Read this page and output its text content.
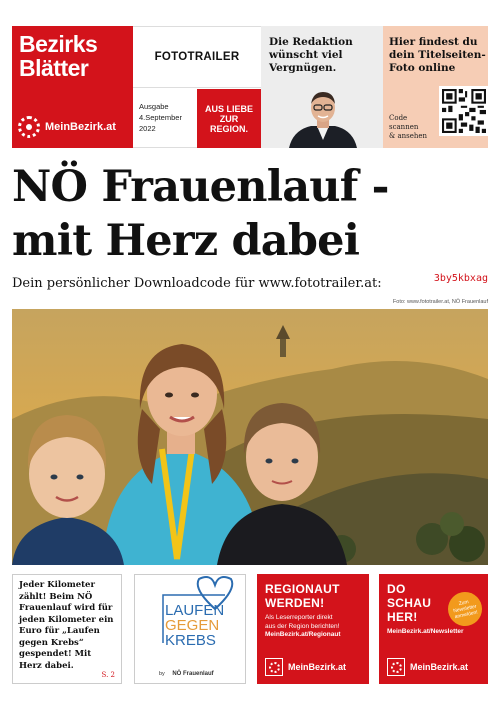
Bezirks
Blätter
MeinBezirk.at
FOTOTRAILER
Ausgabe
4.September
2022
AUS LIEBE
ZUR
REGION.
Die Redaktion
wünscht viel
Vergnügen.
Hier findest du
dein Titelseiten-
Foto online
Code
scannen
& ansehen
NÖ Frauenlauf -
mit Herz dabei
Dein persönlicher Downloadcode für www.fototrailer.at:	3by5kbxag
Foto: www.fototrailer.at, NÖ Frauenlauf

Jeder Kilometer zählt! Beim NÖ Frauenlauf wird für jeden Kilometer ein Euro für „Laufen gegen Krebs“ gespendet! Mit Herz dabei.

S. 2
LAUFEN
GEGEN
KREBS
by NÖ Frauenlauf
REGIONAUT
WERDEN!
Als Leserreporter direkt
aus der Region berichten!
MeinBezirk.at/Regionaut
MeinBezirk.at
DO
SCHAU
HER!
Zum Newsletter anmelden!
MeinBezirk.at/Newsletter
MeinBezirk.at
